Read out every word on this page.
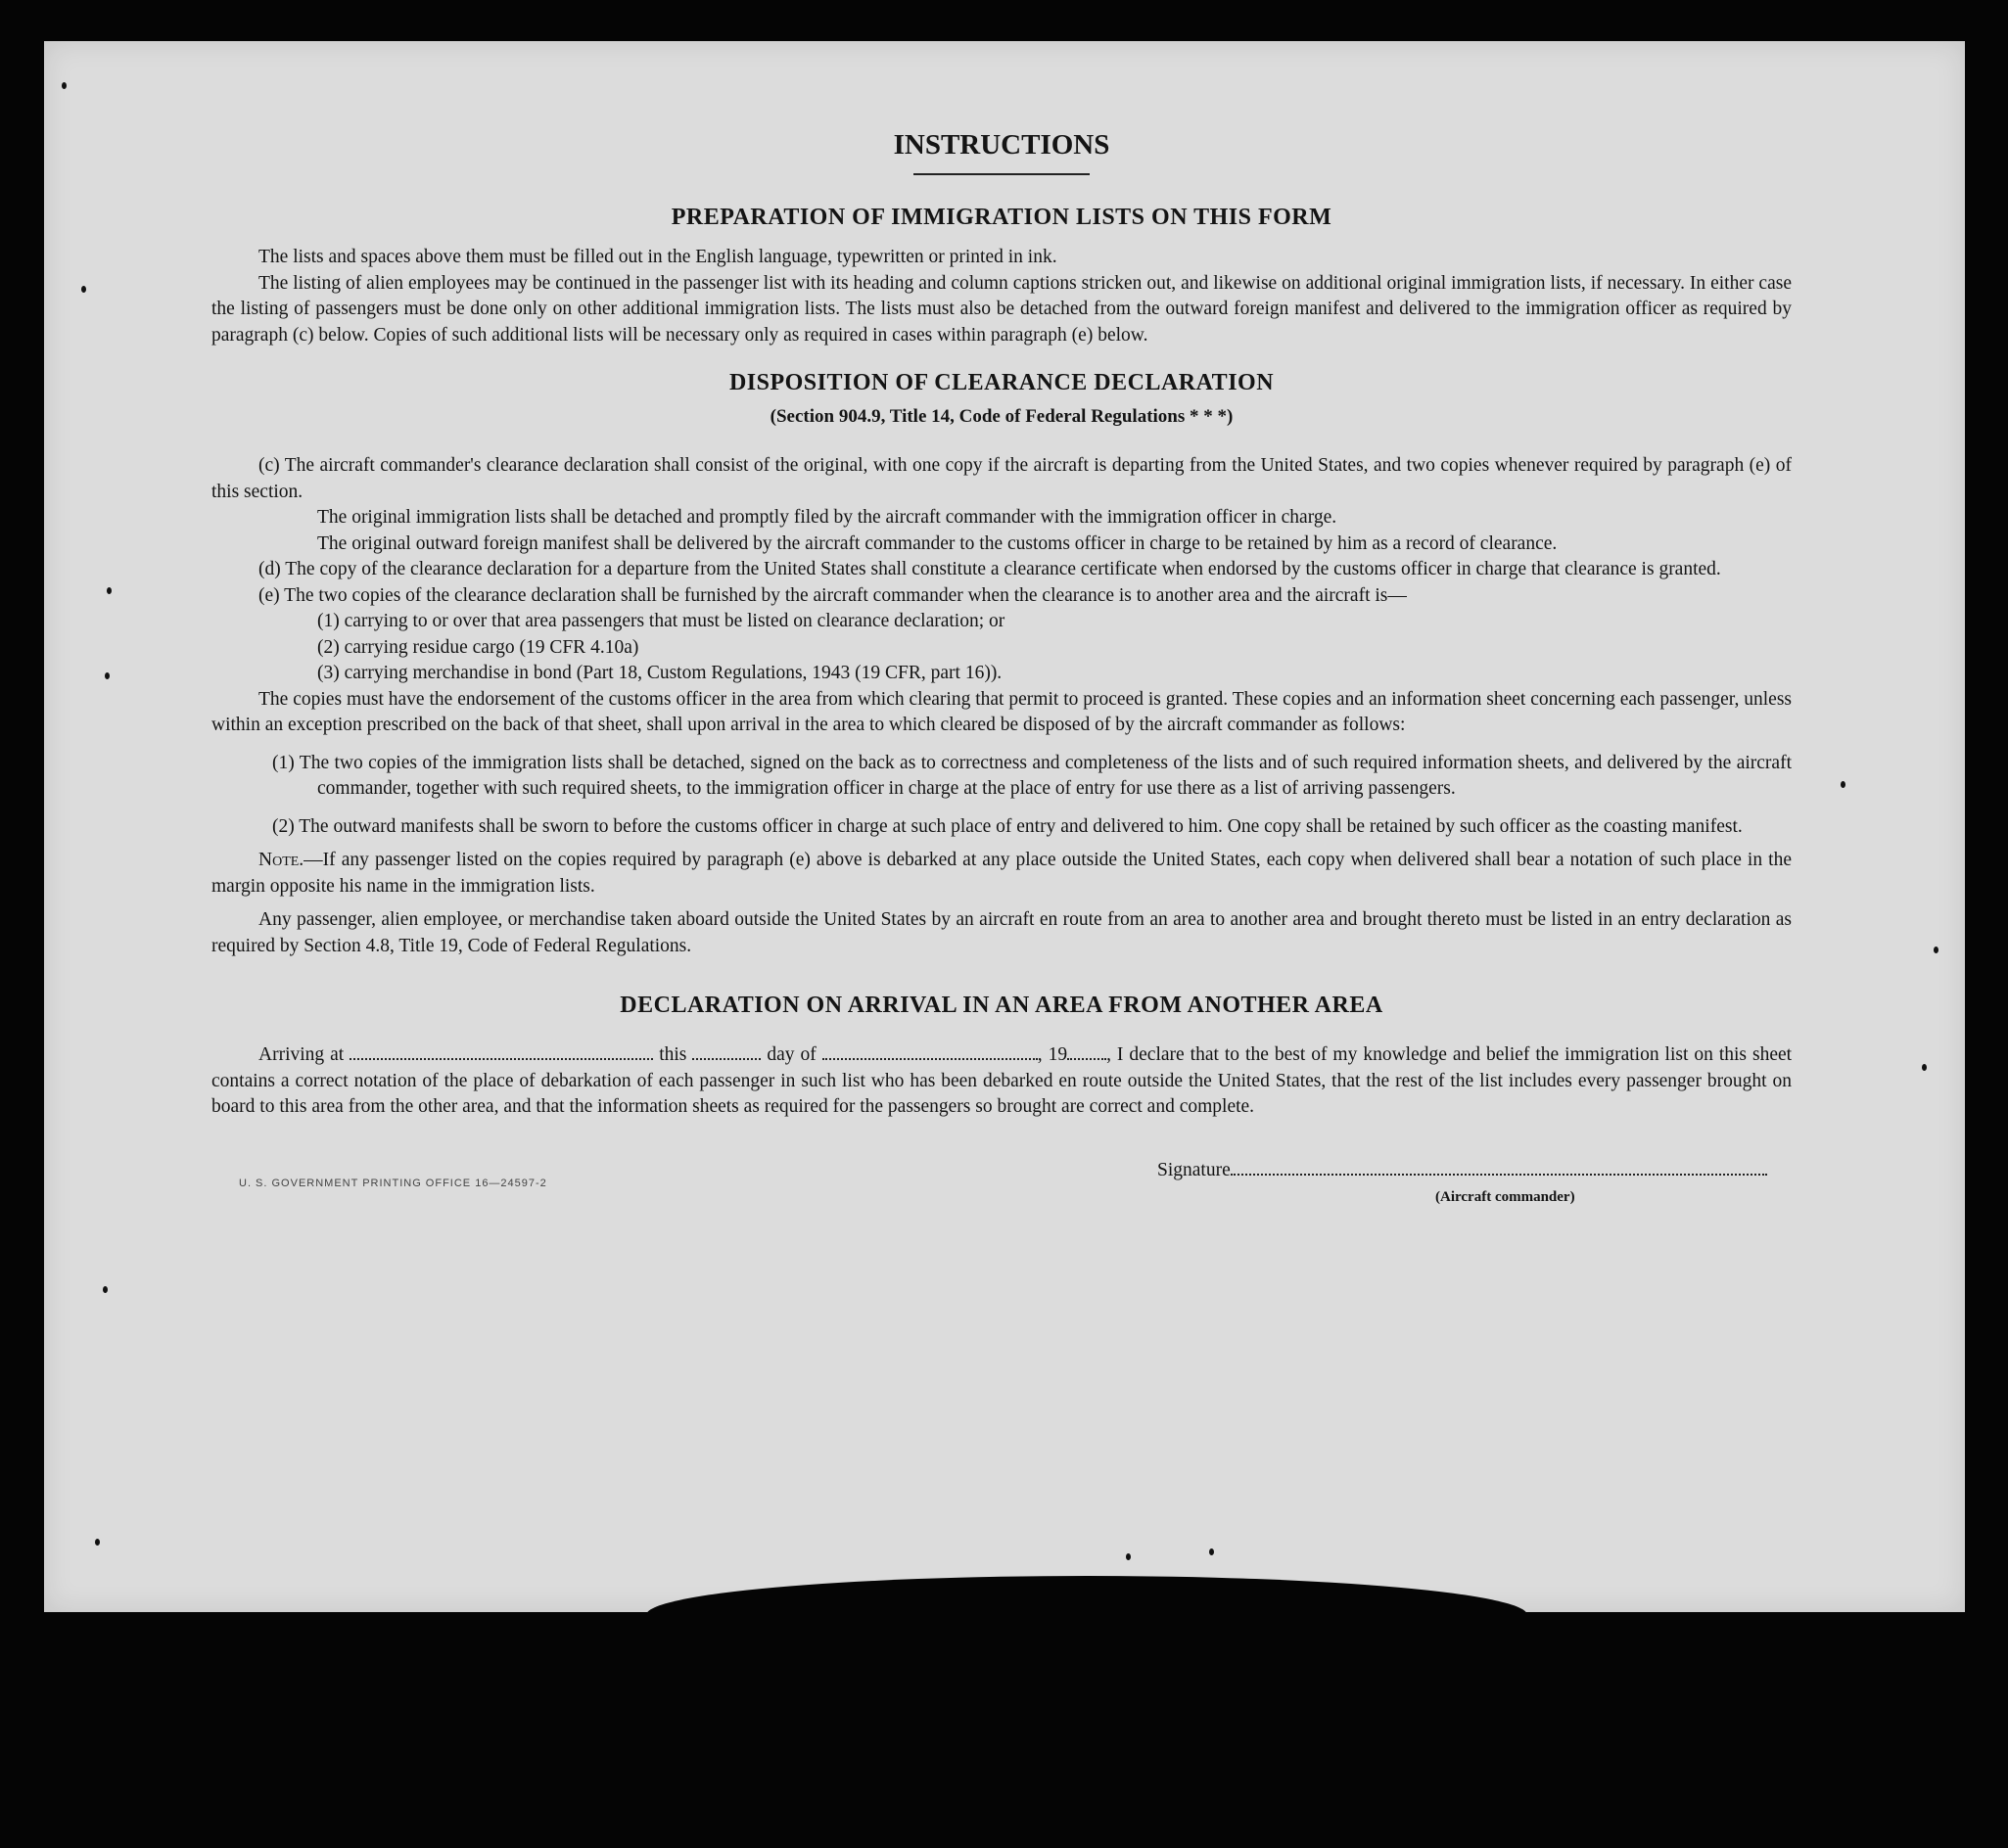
INSTRUCTIONS
PREPARATION OF IMMIGRATION LISTS ON THIS FORM

The lists and spaces above them must be filled out in the English language, typewritten or printed in ink.

The listing of alien employees may be continued in the passenger list with its heading and column captions stricken out, and likewise on additional original immigration lists, if necessary. In either case the listing of passengers must be done only on other additional immigration lists. The lists must also be detached from the outward foreign manifest and delivered to the immigration officer as required by paragraph (c) below. Copies of such additional lists will be necessary only as required in cases within paragraph (e) below.

DISPOSITION OF CLEARANCE DECLARATION
(Section 904.9, Title 14, Code of Federal Regulations * * *)

(c) The aircraft commander's clearance declaration shall consist of the original, with one copy if the aircraft is departing from the United States, and two copies whenever required by paragraph (e) of this section.

The original immigration lists shall be detached and promptly filed by the aircraft commander with the immigration officer in charge.

The original outward foreign manifest shall be delivered by the aircraft commander to the customs officer in charge to be retained by him as a record of clearance.

(d) The copy of the clearance declaration for a departure from the United States shall constitute a clearance certificate when endorsed by the customs officer in charge that clearance is granted.

(e) The two copies of the clearance declaration shall be furnished by the aircraft commander when the clearance is to another area and the aircraft is—

(1) carrying to or over that area passengers that must be listed on clearance declaration; or

(2) carrying residue cargo (19 CFR 4.10a)

(3) carrying merchandise in bond (Part 18, Custom Regulations, 1943 (19 CFR, part 16)).

The copies must have the endorsement of the customs officer in the area from which clearing that permit to proceed is granted. These copies and an information sheet concerning each passenger, unless within an exception prescribed on the back of that sheet, shall upon arrival in the area to which cleared be disposed of by the aircraft commander as follows:

(1) The two copies of the immigration lists shall be detached, signed on the back as to correctness and completeness of the lists and of such required information sheets, and delivered by the aircraft commander, together with such required sheets, to the immigration officer in charge at the place of entry for use there as a list of arriving passengers.

(2) The outward manifests shall be sworn to before the customs officer in charge at such place of entry and delivered to him. One copy shall be retained by such officer as the coasting manifest.

Note.—If any passenger listed on the copies required by paragraph (e) above is debarked at any place outside the United States, each copy when delivered shall bear a notation of such place in the margin opposite his name in the immigration lists.

Any passenger, alien employee, or merchandise taken aboard outside the United States by an aircraft en route from an area to another area and brought thereto must be listed in an entry declaration as required by Section 4.8, Title 19, Code of Federal Regulations.

DECLARATION ON ARRIVAL IN AN AREA FROM ANOTHER AREA

Arriving at	this	day of	, 19 , I declare that to the best of my knowledge and belief the immigration list on this sheet contains a correct notation of the place of debarkation of each passenger in such list who has been debarked en route outside the United States, that the rest of the list includes every passenger brought on board to this area from the other area, and that the information sheets as required for the passengers so brought are correct and complete.

U. S. GOVERNMENT PRINTING OFFICE 16—24597-2
Signature
(Aircraft commander)
